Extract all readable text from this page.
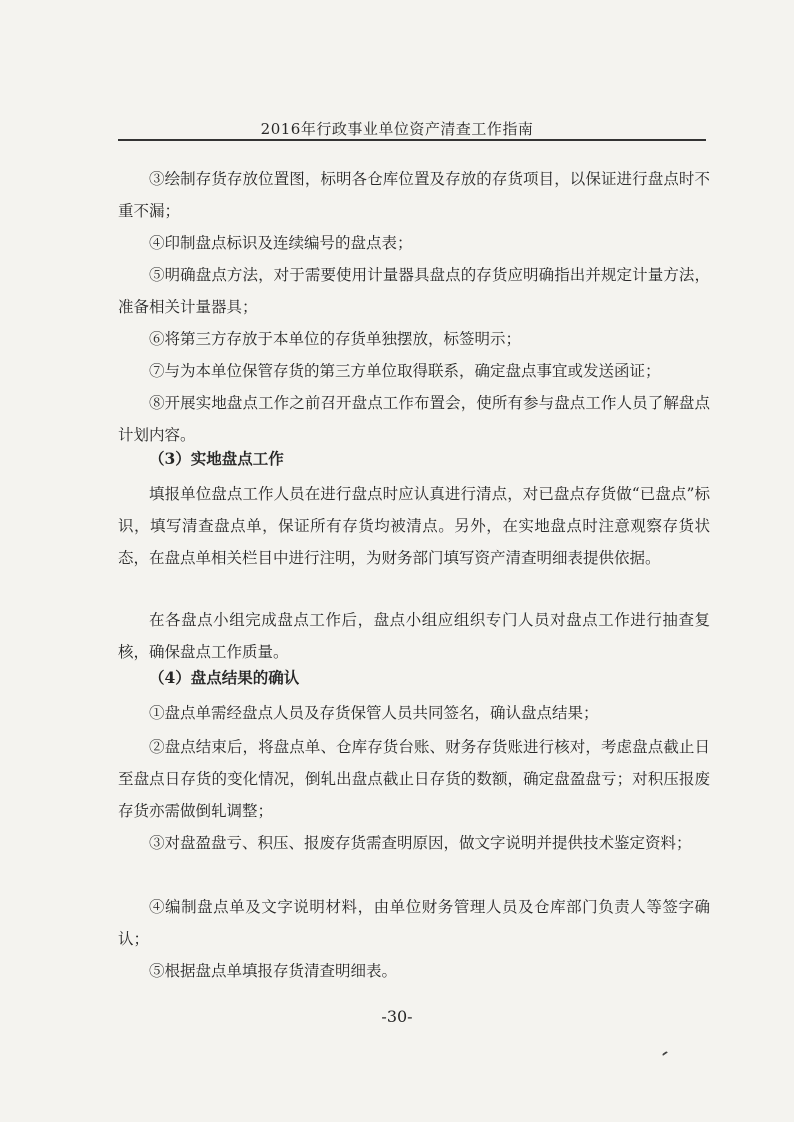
2016年行政事业单位资产清查工作指南

③绘制存货存放位置图，标明各仓库位置及存放的存货项目，以保证进行盘点时不重不漏；

④印制盘点标识及连续编号的盘点表；

⑤明确盘点方法，对于需要使用计量器具盘点的存货应明确指出并规定计量方法，准备相关计量器具；

⑥将第三方存放于本单位的存货单独摆放，标签明示；

⑦与为本单位保管存货的第三方单位取得联系，确定盘点事宜或发送函证；

⑧开展实地盘点工作之前召开盘点工作布置会，使所有参与盘点工作人员了解盘点计划内容。

（3）实地盘点工作

填报单位盘点工作人员在进行盘点时应认真进行清点，对已盘点存货做“已盘点”标识，填写清查盘点单，保证所有存货均被清点。另外，在实地盘点时注意观察存货状态，在盘点单相关栏目中进行注明，为财务部门填写资产清查明细表提供依据。

在各盘点小组完成盘点工作后，盘点小组应组织专门人员对盘点工作进行抽查复核，确保盘点工作质量。

（4）盘点结果的确认

①盘点单需经盘点人员及存货保管人员共同签名，确认盘点结果；

②盘点结束后，将盘点单、仓库存货台账、财务存货账进行核对，考虑盘点截止日至盘点日存货的变化情况，倒轧出盘点截止日存货的数额，确定盘盈盘亏；对积压报废存货亦需做倒轧调整；

③对盘盈盘亏、积压、报废存货需查明原因，做文字说明并提供技术鉴定资料；

④编制盘点单及文字说明材料，由单位财务管理人员及仓库部门负责人等签字确认；

⑤根据盘点单填报存货清查明细表。

-30-
